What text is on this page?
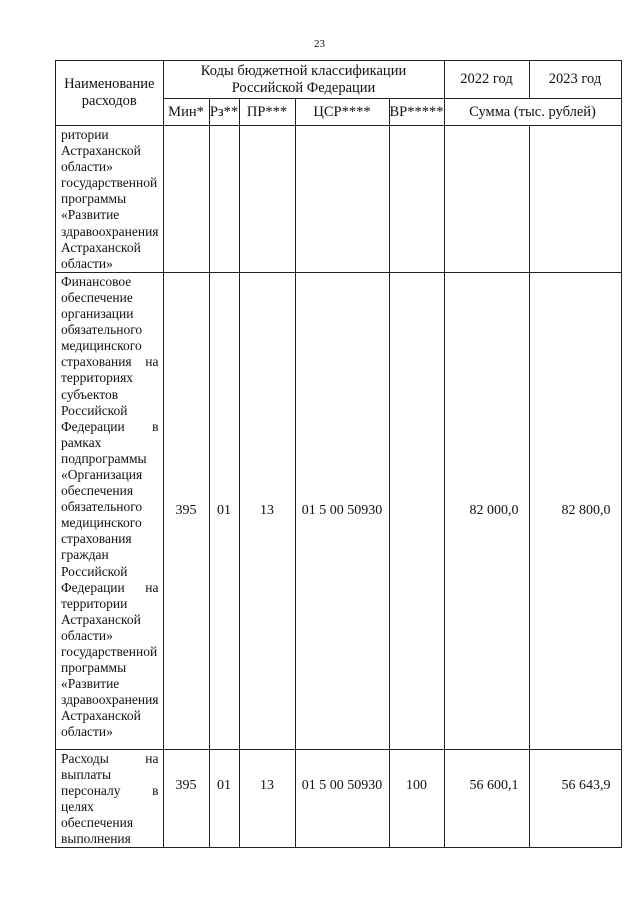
23
Наименование расходов	Коды бюджетной классификации Российской Федерации					2022 год	2023 год
	Мин*	Рз**	ПР***	ЦСР****	ВР*****	Сумма (тыс. рублей)	
ритории Астраханской области» государственной программы «Развитие здравоохранения Астраханской области»							
Финансовое обеспечение организации обязательного медицинского страхования на территориях субъектов Российской Федерации в рамках подпрограммы «Организация обеспечения обязательного медицинского страхования граждан Российской Федерации на территории Астраханской области» государственной программы «Развитие здравоохранения Астраханской области»	395	01	13	01 5 00 50930		82 000,0	82 800,0
Расходы на выплаты персоналу в целях обеспечения выполнения	395	01	13	01 5 00 50930	100	56 600,1	56 643,9
